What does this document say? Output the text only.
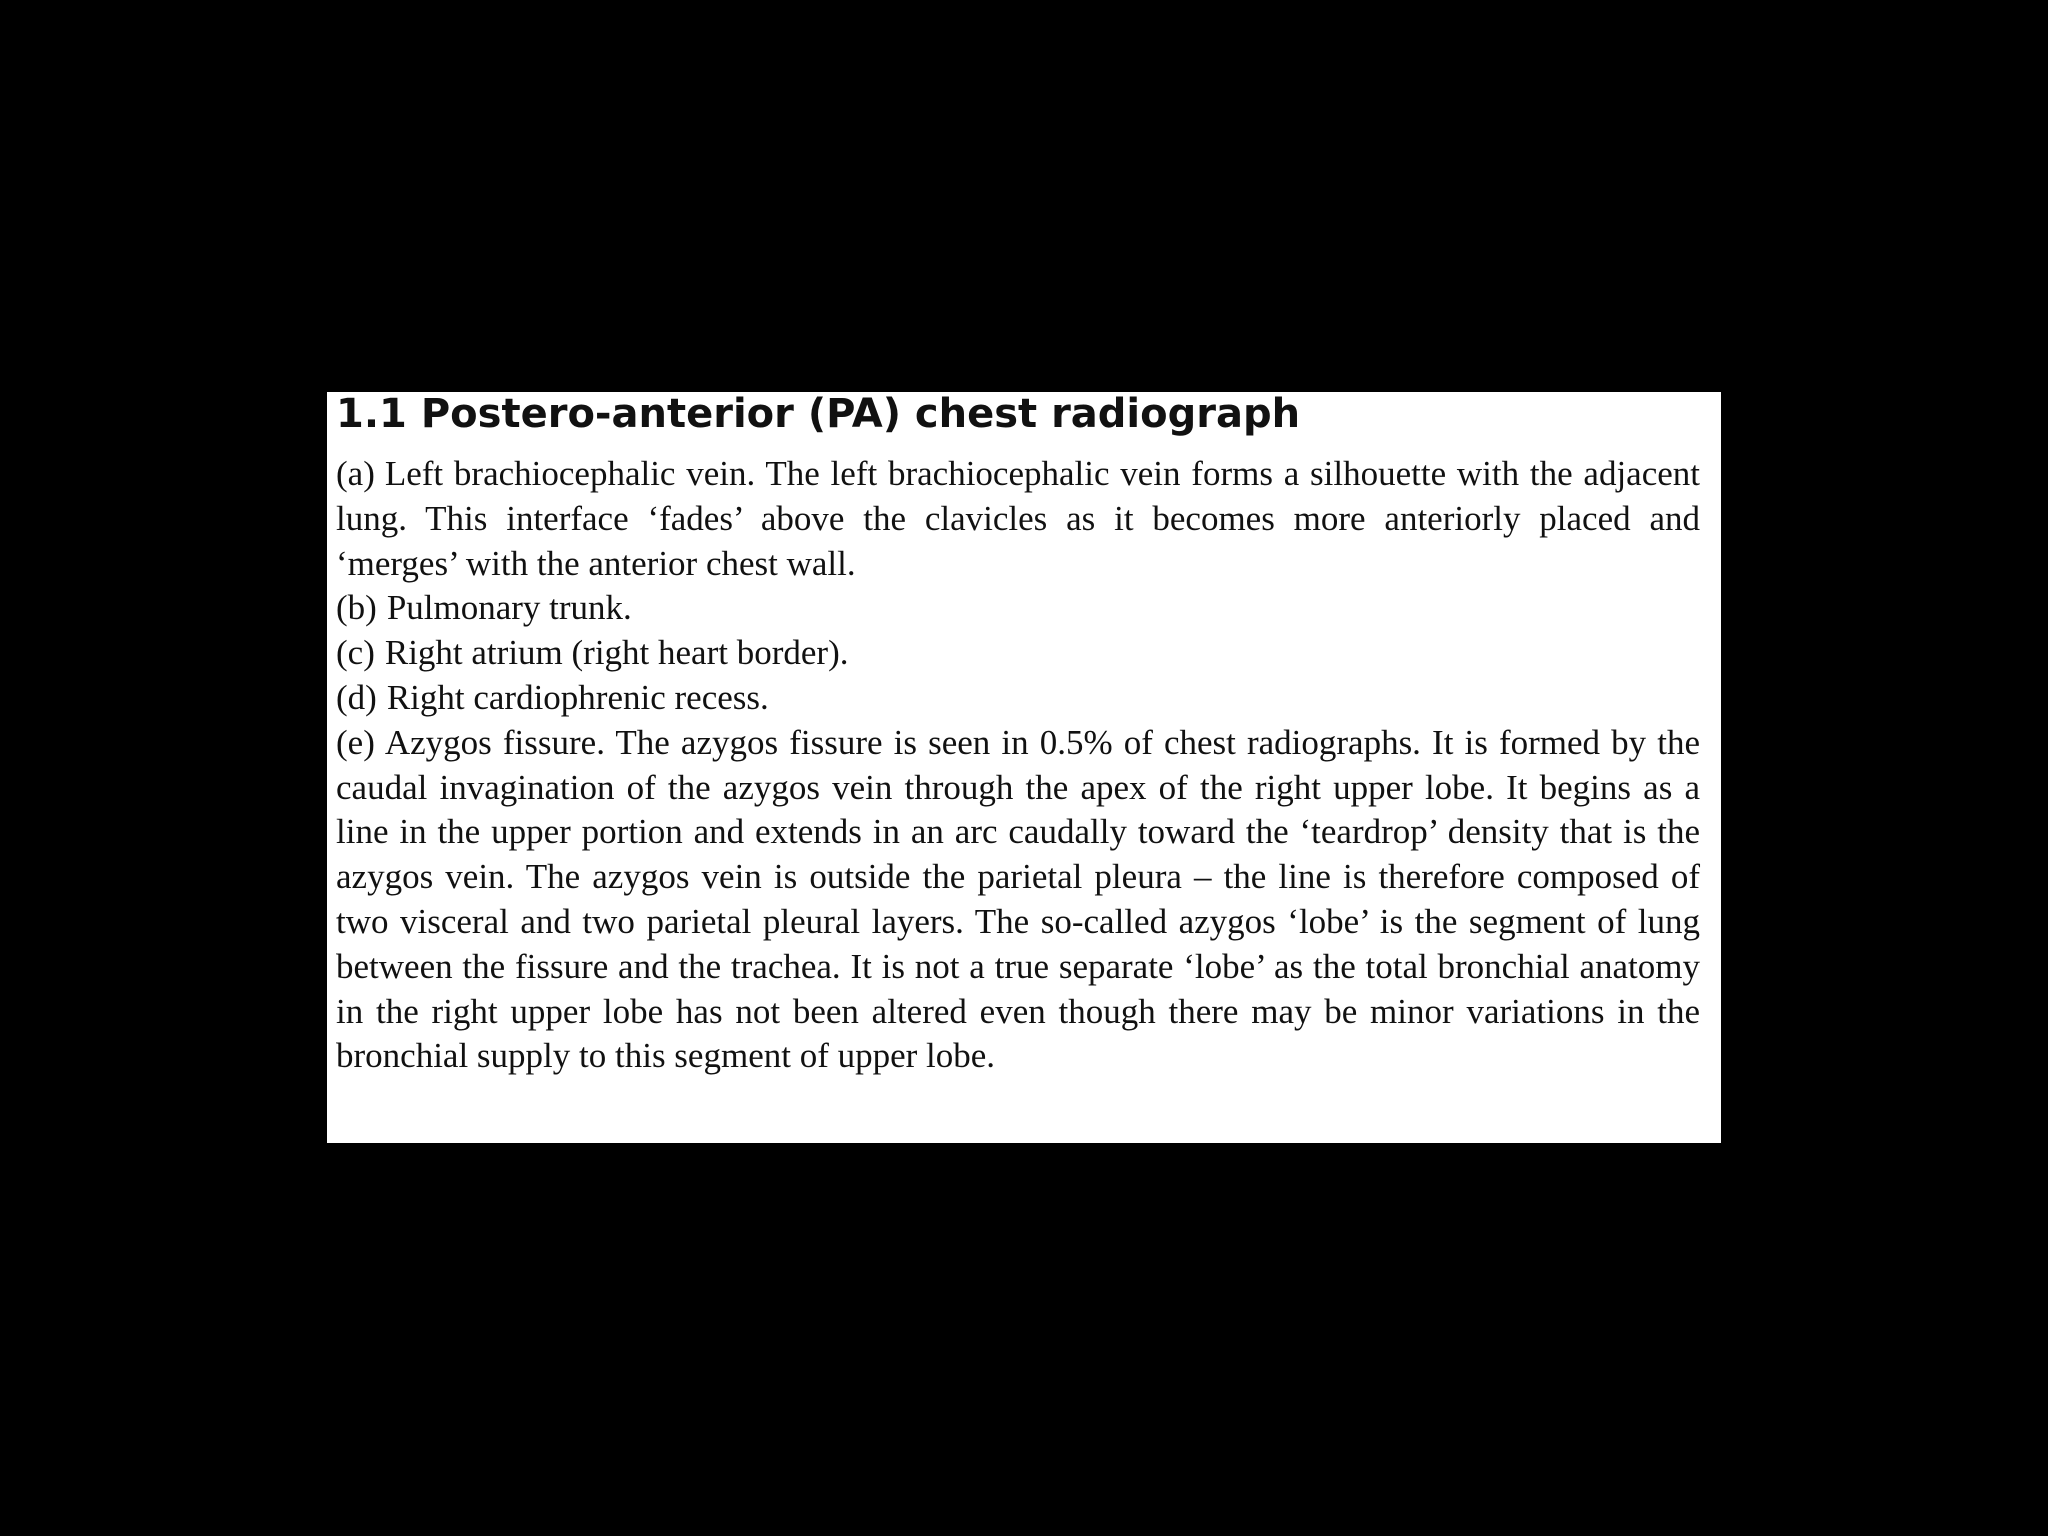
1.1 Postero-anterior (PA) chest radiograph

(a) Left brachiocephalic vein. The left brachiocephalic vein forms a silhouette with the adjacent lung. This interface ‘fades’ above the clavicles as it becomes more anteriorly placed and ‘merges’ with the anterior chest wall.

(b) Pulmonary trunk.

(c) Right atrium (right heart border).

(d) Right cardiophrenic recess.

(e) Azygos fissure. The azygos fissure is seen in 0.5% of chest radiographs. It is formed by the caudal invagination of the azygos vein through the apex of the right upper lobe. It begins as a line in the upper portion and extends in an arc caudally toward the ‘teardrop’ density that is the azygos vein. The azygos vein is outside the parietal pleura – the line is therefore composed of two visceral and two parietal pleural layers. The so-called azygos ‘lobe’ is the segment of lung between the fissure and the trachea. It is not a true separate ‘lobe’ as the total bronchial anatomy in the right upper lobe has not been altered even though there may be minor variations in the bronchial supply to this segment of upper lobe.
